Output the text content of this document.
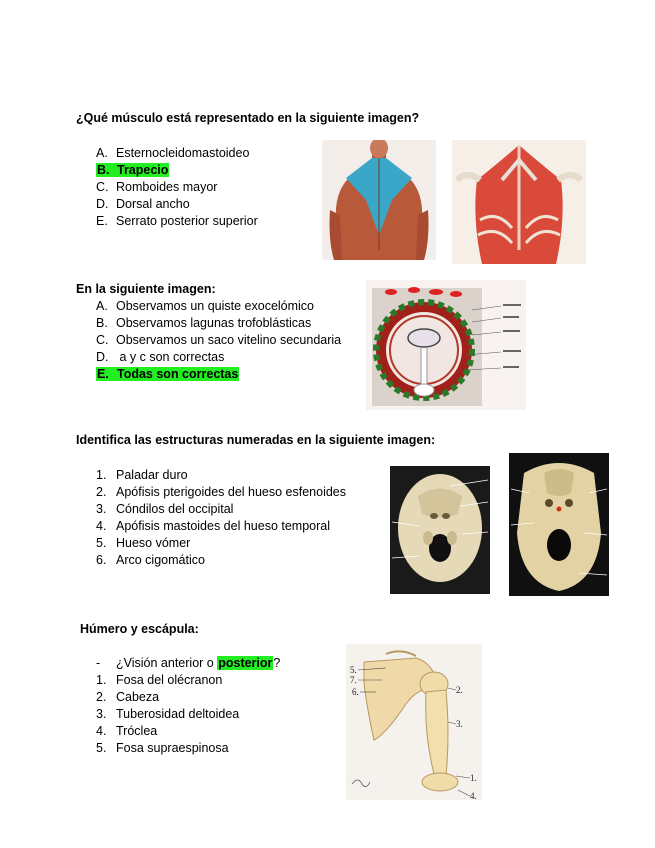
¿Qué músculo está representado en la siguiente imagen?
A. Esternocleidomastoideo
B. Trapecio
C. Romboides mayor
D. Dorsal ancho
E. Serrato posterior superior
En la siguiente imagen:
A. Observamos un quiste exocelómico
B. Observamos lagunas trofoblásticas
C. Observamos un saco vitelino secundaria
D. a y c son correctas
E. Todas son correctas
Identifica las estructuras numeradas en la siguiente imagen:
1. Paladar duro
2. Apófisis pterigoides del hueso esfenoides
3. Cóndilos del occipital
4. Apófisis mastoides del hueso temporal
5. Hueso vómer
6. Arco cigomático
Húmero y escápula:
- ¿Visión anterior o posterior?
1. Fosa del olécranon
2. Cabeza
3. Tuberosidad deltoidea
4. Tróclea
5. Fosa supraespinosa
5.
7.
6.	2.
3.
1.
4.
